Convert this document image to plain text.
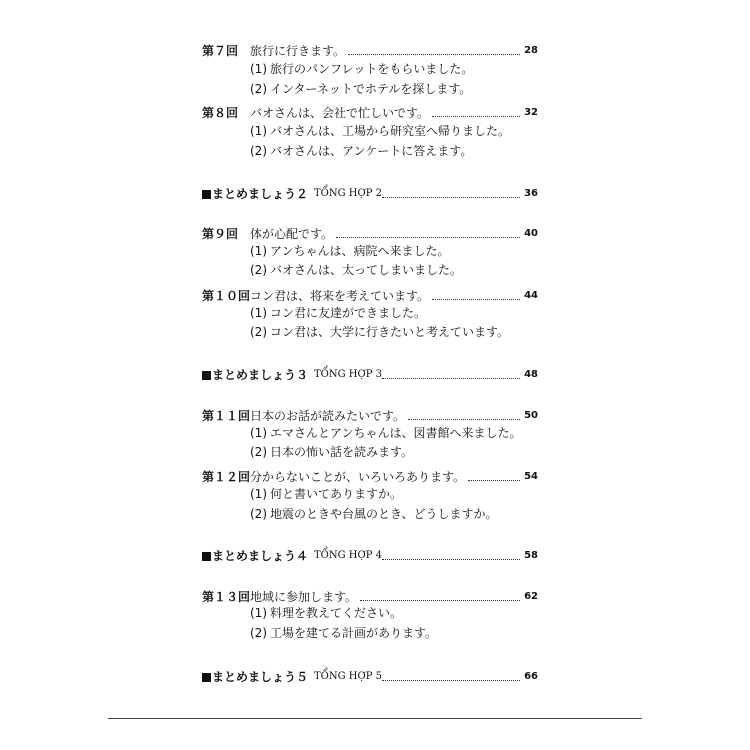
第７回 旅行に行きます。	28
(1) 旅行のパンフレットをもらいました。
(2) インターネットでホテルを探します。
第８回 バオさんは、会社で忙しいです。	32
(1) バオさんは、工場から研究室へ帰りました。
(2) バオさんは、アンケートに答えます。
まとめましょう２ TỔNG HỢP 2	36
第９回 体が心配です。	40
(1) アンちゃんは、病院へ来ました。
(2) バオさんは、太ってしまいました。
第１０回 コン君は、将来を考えています。	44
(1) コン君に友達ができました。
(2) コン君は、大学に行きたいと考えています。
まとめましょう３ TỔNG HỢP 3	48
第１１回 日本のお話が読みたいです。	50
(1) エマさんとアンちゃんは、図書館へ来ました。
(2) 日本の怖い話を読みます。
第１２回 分からないことが、いろいろあります。	54
(1) 何と書いてありますか。
(2) 地震のときや台風のとき、どうしますか。
まとめましょう４ TỔNG HỢP 4	58
第１３回 地域に参加します。	62
(1) 料理を教えてください。
(2) 工場を建てる計画があります。
まとめましょう５ TỔNG HỢP 5	66
